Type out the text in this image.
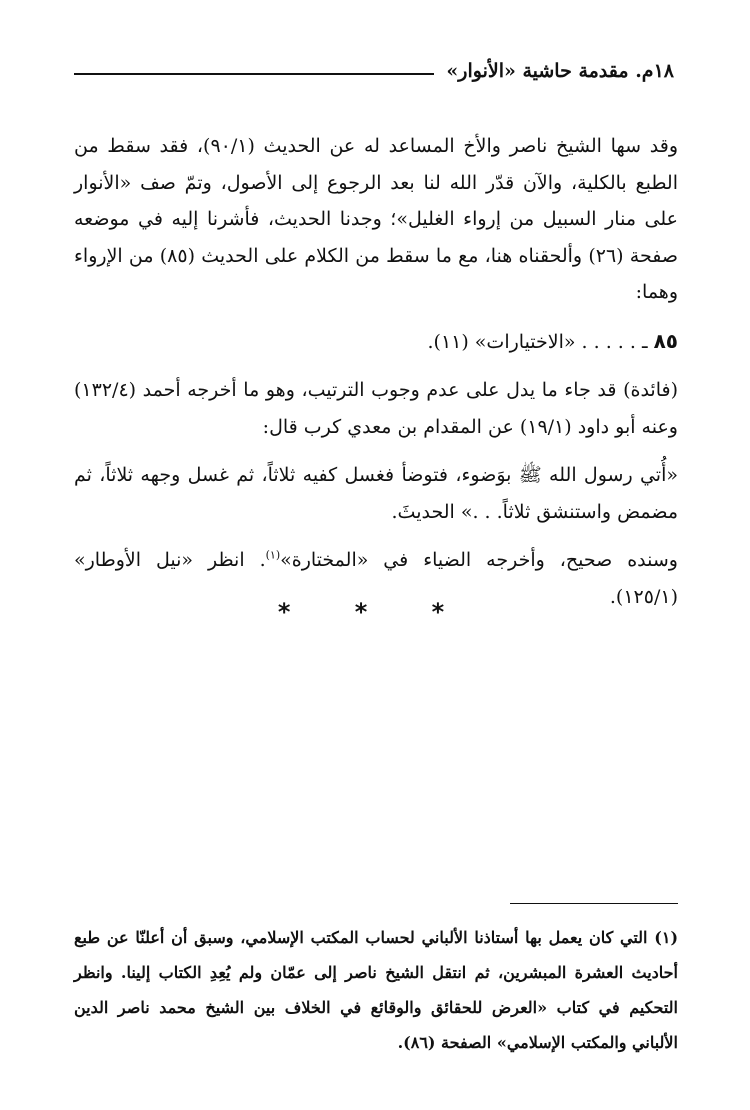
١٨م. مقدمة حاشية «الأنوار»

وقد سها الشيخ ناصر والأخ المساعد له عن الحديث (٩٠/١)، فقد سقط من الطبع بالكلية، والآن قدّر الله لنا بعد الرجوع إلى الأصول، وتمّ صف «الأنوار على منار السبيل من إرواء الغليل»؛ وجدنا الحديث، فأشرنا إليه في موضعه صفحة (٢٦) وألحقناه هنا، مع ما سقط من الكلام على الحديث (٨٥) من الإرواء وهما:

٨٥ ـ . . . . . «الاختيارات» (١١).

(فائدة) قد جاء ما يدل على عدم وجوب الترتيب، وهو ما أخرجه أحمد (١٣٢/٤) وعنه أبو داود (١٩/١) عن المقدام بن معدي كرب قال:

«أُتي رسول الله ﷺ بوَضوء، فتوضأ فغسل كفيه ثلاثاً، ثم غسل وجهه ثلاثاً، ثم مضمض واستنشق ثلاثاً. . .» الحديثَ.

وسنده صحيح، وأخرجه الضياء في «المختارة»$^{(١)}$. انظر «نيل الأوطار» (١٢٥/١).

* * *

(١) التي كان يعمل بها أستاذنا الألباني لحساب المكتب الإسلامي، وسبق أن أعلنّا عن طبع أحاديث العشرة المبشرين، ثم انتقل الشيخ ناصر إلى عمّان ولم يُعِدِ الكتاب إلينا. وانظر التحكيم في كتاب «العرض للحقائق والوقائع في الخلاف بين الشيخ محمد ناصر الدين الألباني والمكتب الإسلامي» الصفحة (٨٦).
